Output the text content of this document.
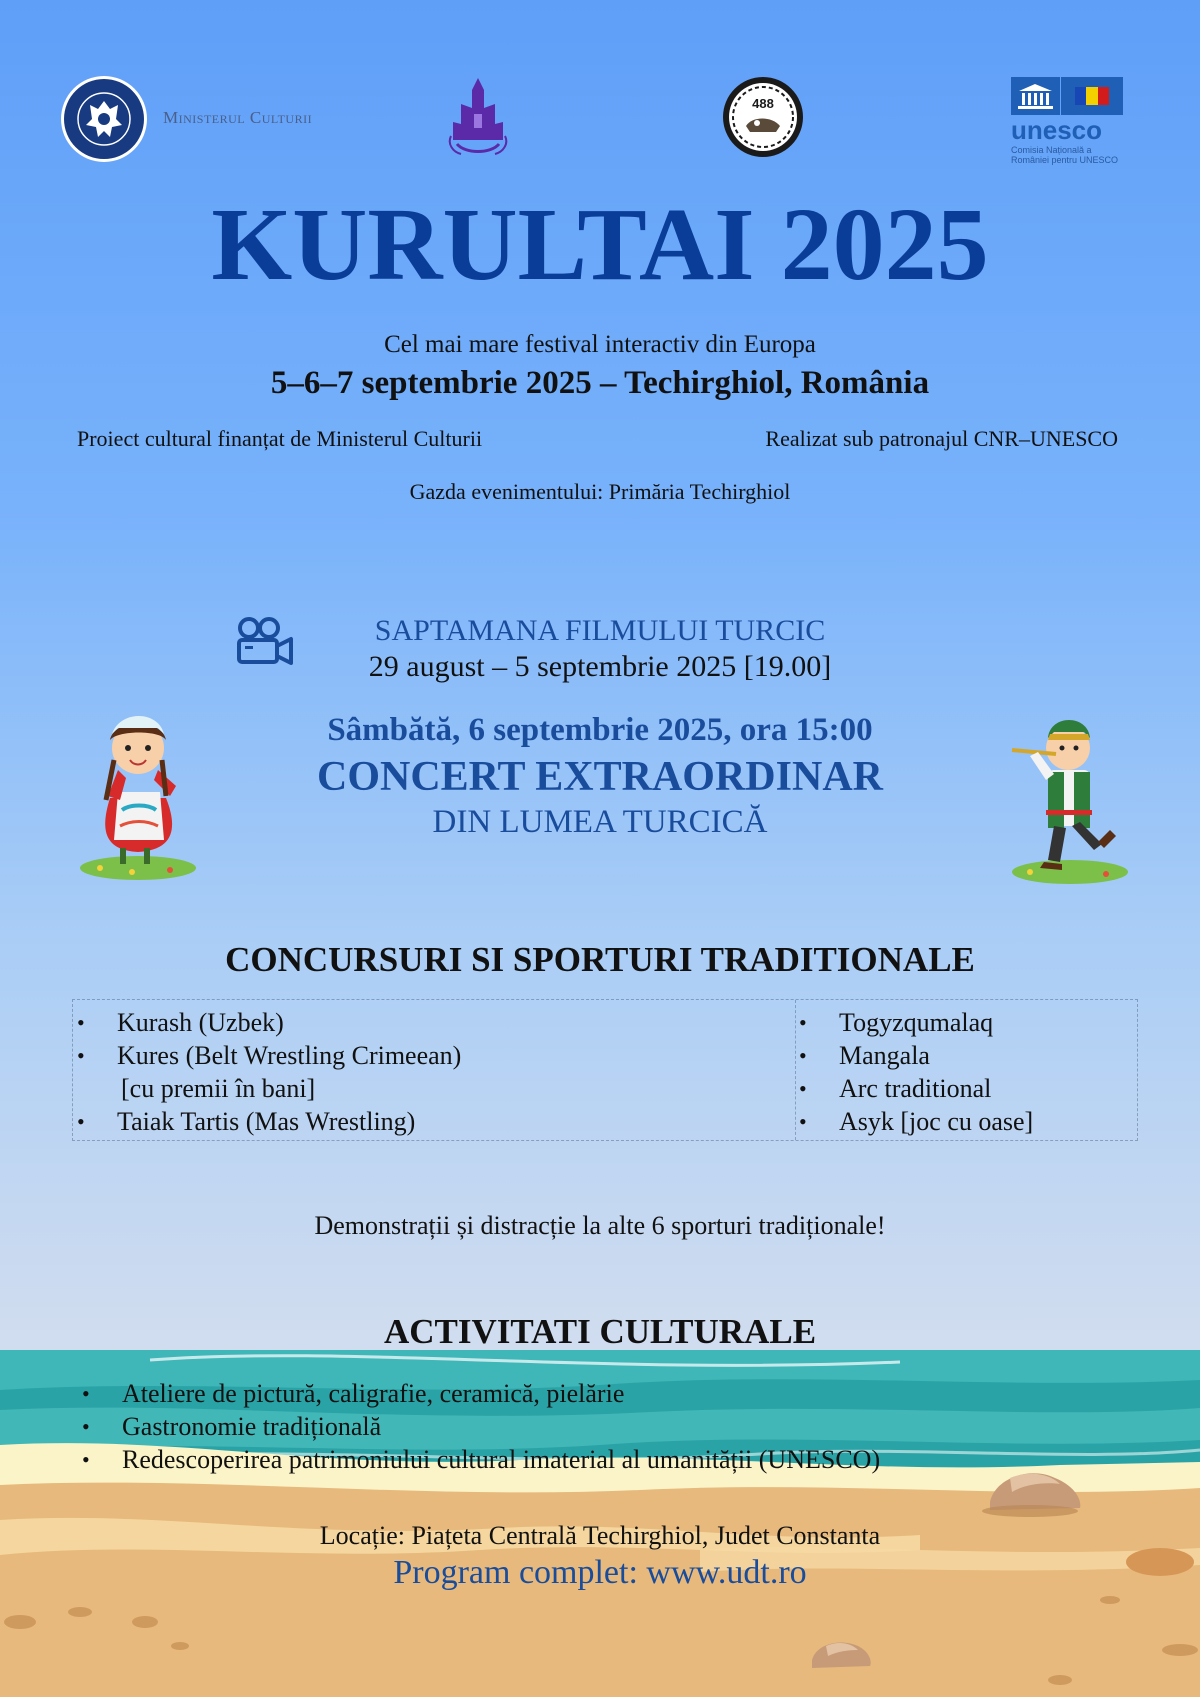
Ministerul Culturii
488
unesco
Comisia Națională a României pentru UNESCO
KURULTAI 2025
Cel mai mare festival interactiv din Europa
5–6–7 septembrie 2025 – Techirghiol, România
Proiect cultural finanțat de Ministerul Culturii	Realizat sub patronajul CNR–UNESCO
Gazda evenimentului: Primăria Techirghiol
SAPTAMANA FILMULUI TURCIC
29 august – 5 septembrie 2025 [19.00]
Sâmbătă, 6 septembrie 2025, ora 15:00
CONCERT EXTRAORDINAR
DIN LUMEA TURCICĂ
CONCURSURI SI SPORTURI TRADITIONALE
• Kurash (Uzbek)
• Kures (Belt Wrestling Crimeean)
[cu premii în bani]
• Taiak Tartis (Mas Wrestling)
• Togyzqumalaq
• Mangala
• Arc traditional
• Asyk [joc cu oase]
Demonstrații și distracție la alte 6 sporturi tradiționale!
ACTIVITATI CULTURALE
• Ateliere de pictură, caligrafie, ceramică, pielărie
• Gastronomie tradițională
• Redescoperirea patrimoniului cultural imaterial al umanității (UNESCO)
Locație: Piațeta Centrală Techirghiol, Judet Constanta
Program complet: www.udt.ro
